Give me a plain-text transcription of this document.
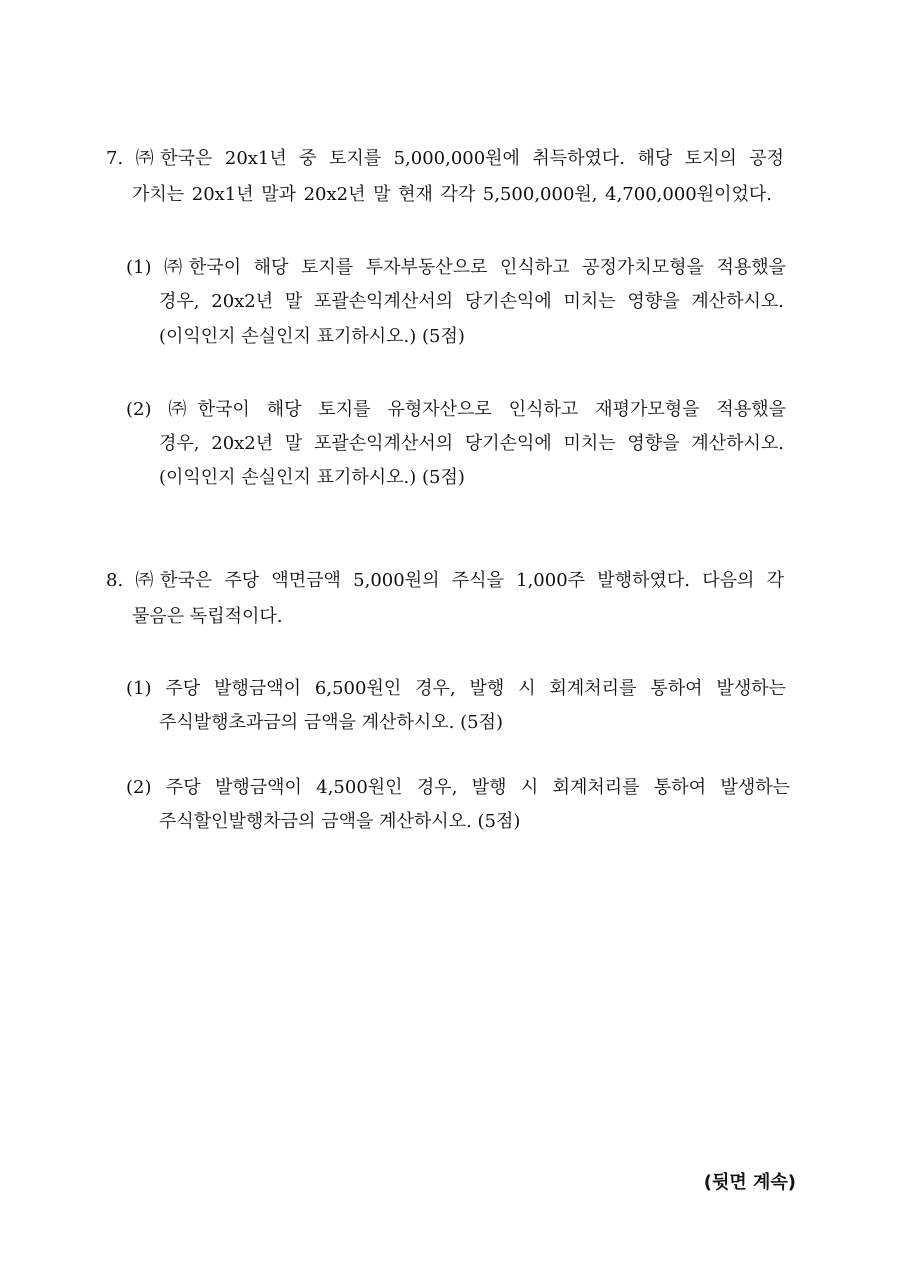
7. ㈜한국은 20x1년 중 토지를 5,000,000원에 취득하였다. 해당 토지의 공정
가치는 20x1년 말과 20x2년 말 현재 각각 5,500,000원, 4,700,000원이었다.
(1) ㈜한국이 해당 토지를 투자부동산으로 인식하고 공정가치모형을 적용했을
경우, 20x2년 말 포괄손익계산서의 당기손익에 미치는 영향을 계산하시오.
(이익인지 손실인지 표기하시오.) (5점)
(2) ㈜한국이 해당 토지를 유형자산으로 인식하고 재평가모형을 적용했을
경우, 20x2년 말 포괄손익계산서의 당기손익에 미치는 영향을 계산하시오.
(이익인지 손실인지 표기하시오.) (5점)
8. ㈜한국은 주당 액면금액 5,000원의 주식을 1,000주 발행하였다. 다음의 각
물음은 독립적이다.
(1) 주당 발행금액이 6,500원인 경우, 발행 시 회계처리를 통하여 발생하는
주식발행초과금의 금액을 계산하시오. (5점)
(2) 주당 발행금액이 4,500원인 경우, 발행 시 회계처리를 통하여 발생하는
주식할인발행차금의 금액을 계산하시오. (5점)
(뒷면 계속)
